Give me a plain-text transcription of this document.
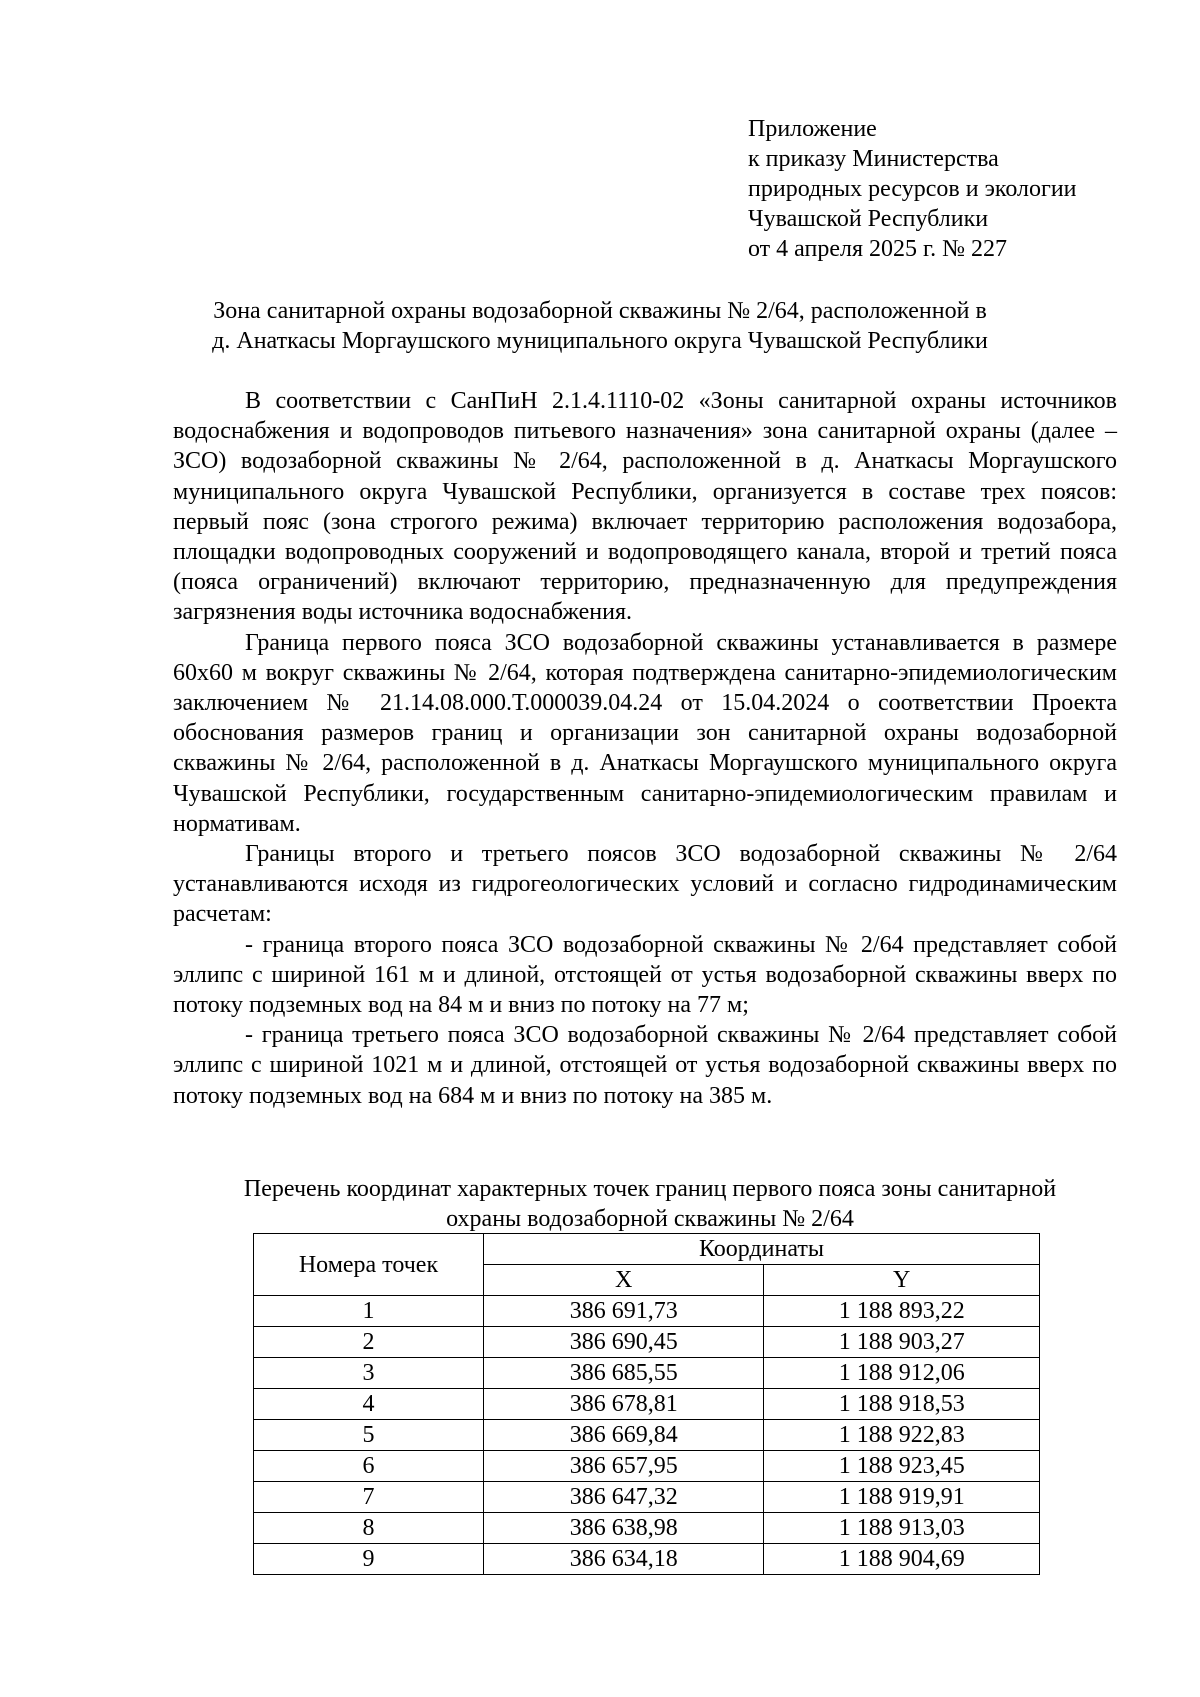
Приложение
к приказу Министерства
природных ресурсов и экологии
Чувашской Республики
от 4 апреля 2025 г. № 227
Зона санитарной охраны водозаборной скважины № 2/64, расположенной в
д. Анаткасы Моргаушского муниципального округа Чувашской Республики

В соответствии с СанПиН 2.1.4.1110-02 «Зоны санитарной охраны источников водоснабжения и водопроводов питьевого назначения» зона санитарной охраны (далее – ЗСО) водозаборной скважины № 2/64, расположенной в д. Анаткасы Моргаушского муниципального округа Чувашской Республики, организуется в составе трех поясов: первый пояс (зона строгого режима) включает территорию расположения водозабора, площадки водопроводных сооружений и водопроводящего канала, второй и третий пояса (пояса ограничений) включают территорию, предназначенную для предупреждения загрязнения воды источника водоснабжения.

Граница первого пояса ЗСО водозаборной скважины устанавливается в размере 60х60 м вокруг скважины № 2/64, которая подтверждена санитарно-эпидемиологическим заключением № 21.14.08.000.Т.000039.04.24 от 15.04.2024 о соответствии Проекта обоснования размеров границ и организации зон санитарной охраны водозаборной скважины № 2/64, расположенной в д. Анаткасы Моргаушского муниципального округа Чувашской Республики, государственным санитарно-эпидемиологическим правилам и нормативам.

Границы второго и третьего поясов ЗСО водозаборной скважины № 2/64 устанавливаются исходя из гидрогеологических условий и согласно гидродинамическим расчетам:

- граница второго пояса ЗСО водозаборной скважины № 2/64 представляет собой эллипс с шириной 161 м и длиной, отстоящей от устья водозаборной скважины вверх по потоку подземных вод на 84 м и вниз по потоку на 77 м;

- граница третьего пояса ЗСО водозаборной скважины № 2/64 представляет собой эллипс с шириной 1021 м и длиной, отстоящей от устья водозаборной скважины вверх по потоку подземных вод на 684 м и вниз по потоку на 385 м.

Перечень координат характерных точек границ первого пояса зоны санитарной
охраны водозаборной скважины № 2/64
Номера точек	Координаты	
	X	Y
1	386 691,73	1 188 893,22
2	386 690,45	1 188 903,27
3	386 685,55	1 188 912,06
4	386 678,81	1 188 918,53
5	386 669,84	1 188 922,83
6	386 657,95	1 188 923,45
7	386 647,32	1 188 919,91
8	386 638,98	1 188 913,03
9	386 634,18	1 188 904,69
